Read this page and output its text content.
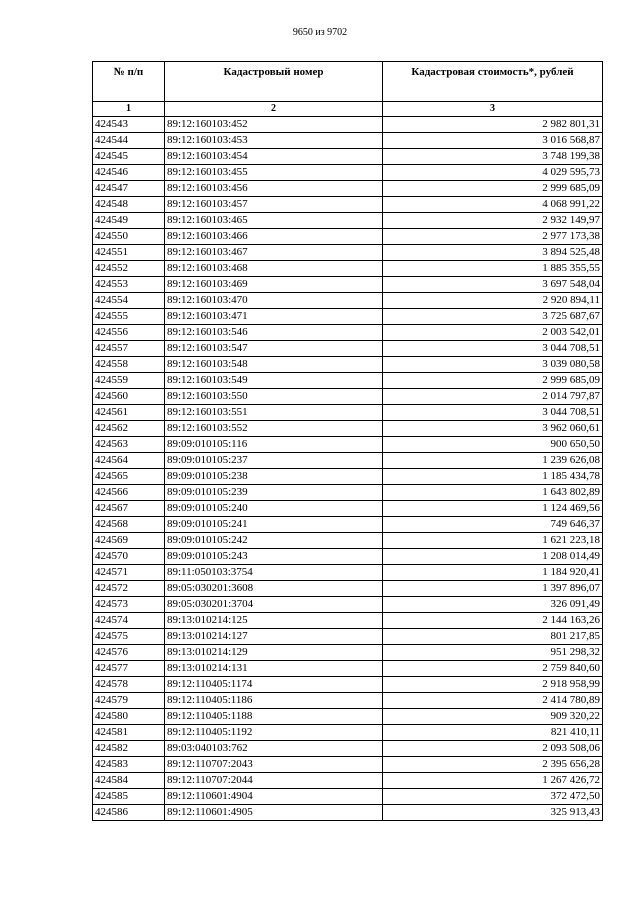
9650 из 9702
№ п/п	Кадастровый номер	Кадастровая стоимость*, рублей
1	2	3
424543	89:12:160103:452	2 982 801,31
424544	89:12:160103:453	3 016 568,87
424545	89:12:160103:454	3 748 199,38
424546	89:12:160103:455	4 029 595,73
424547	89:12:160103:456	2 999 685,09
424548	89:12:160103:457	4 068 991,22
424549	89:12:160103:465	2 932 149,97
424550	89:12:160103:466	2 977 173,38
424551	89:12:160103:467	3 894 525,48
424552	89:12:160103:468	1 885 355,55
424553	89:12:160103:469	3 697 548,04
424554	89:12:160103:470	2 920 894,11
424555	89:12:160103:471	3 725 687,67
424556	89:12:160103:546	2 003 542,01
424557	89:12:160103:547	3 044 708,51
424558	89:12:160103:548	3 039 080,58
424559	89:12:160103:549	2 999 685,09
424560	89:12:160103:550	2 014 797,87
424561	89:12:160103:551	3 044 708,51
424562	89:12:160103:552	3 962 060,61
424563	89:09:010105:116	900 650,50
424564	89:09:010105:237	1 239 626,08
424565	89:09:010105:238	1 185 434,78
424566	89:09:010105:239	1 643 802,89
424567	89:09:010105:240	1 124 469,56
424568	89:09:010105:241	749 646,37
424569	89:09:010105:242	1 621 223,18
424570	89:09:010105:243	1 208 014,49
424571	89:11:050103:3754	1 184 920,41
424572	89:05:030201:3608	1 397 896,07
424573	89:05:030201:3704	326 091,49
424574	89:13:010214:125	2 144 163,26
424575	89:13:010214:127	801 217,85
424576	89:13:010214:129	951 298,32
424577	89:13:010214:131	2 759 840,60
424578	89:12:110405:1174	2 918 958,99
424579	89:12:110405:1186	2 414 780,89
424580	89:12:110405:1188	909 320,22
424581	89:12:110405:1192	821 410,11
424582	89:03:040103:762	2 093 508,06
424583	89:12:110707:2043	2 395 656,28
424584	89:12:110707:2044	1 267 426,72
424585	89:12:110601:4904	372 472,50
424586	89:12:110601:4905	325 913,43
